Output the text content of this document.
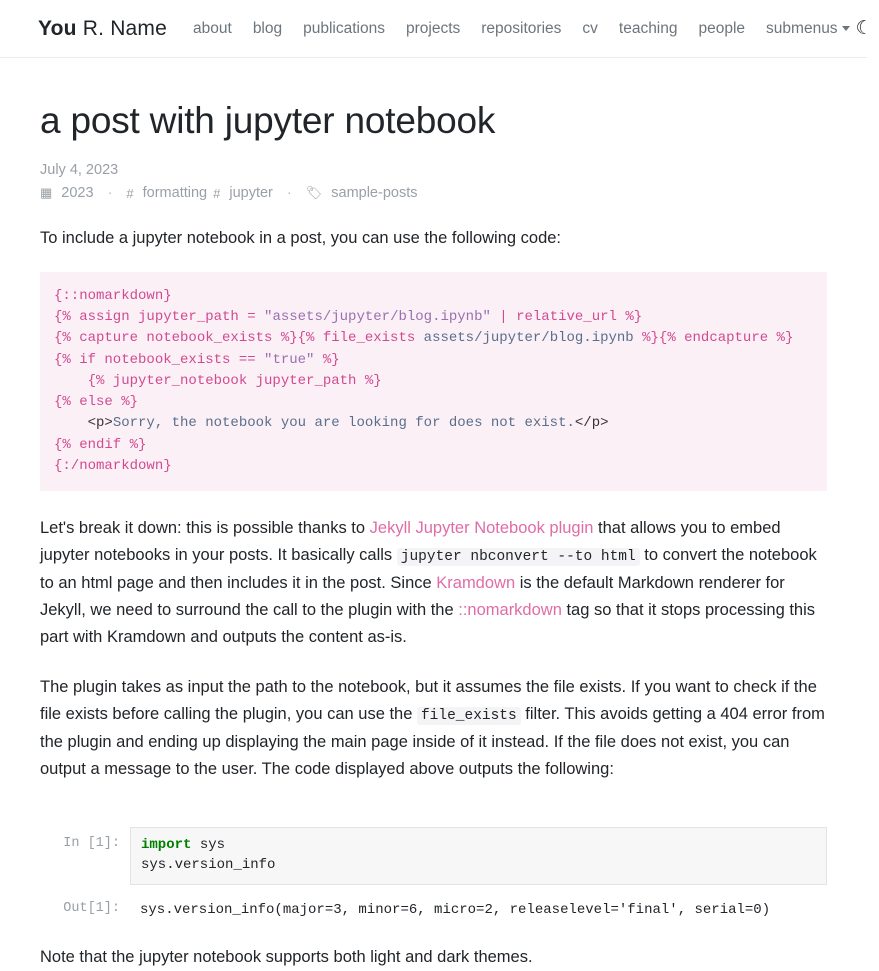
You R. Name about blog publications projects repositories cv teaching people submenus ☾
a post with jupyter notebook
July 4, 2023
▦ 2023 · # formatting # jupyter · 🏷 sample-posts

To include a jupyter notebook in a post, you can use the following code:

{::nomarkdown}
{% assign jupyter_path = "assets/jupyter/blog.ipynb" | relative_url %}
{% capture notebook_exists %}{% file_exists assets/jupyter/blog.ipynb %}{% endcapture %}
{% if notebook_exists == "true" %}
{% jupyter_notebook jupyter_path %}
{% else %}
<p>Sorry, the notebook you are looking for does not exist.</p>
{% endif %}
{:/nomarkdown}

Let's break it down: this is possible thanks to Jekyll Jupyter Notebook plugin that allows you to embed jupyter notebooks in your posts. It basically calls jupyter nbconvert --to html to convert the notebook to an html page and then includes it in the post. Since Kramdown is the default Markdown renderer for Jekyll, we need to surround the call to the plugin with the ::nomarkdown tag so that it stops processing this part with Kramdown and outputs the content as-is.

The plugin takes as input the path to the notebook, but it assumes the file exists. If you want to check if the file exists before calling the plugin, you can use the file_exists filter. This avoids getting a 404 error from the plugin and ending up displaying the main page inside of it instead. If the file does not exist, you can output a message to the user. The code displayed above outputs the following:

In [1]:	import sys
sys.version_info
Out[1]:	sys.version_info(major=3, minor=6, micro=2, releaselevel='final', serial=0)

Note that the jupyter notebook supports both light and dark themes.
